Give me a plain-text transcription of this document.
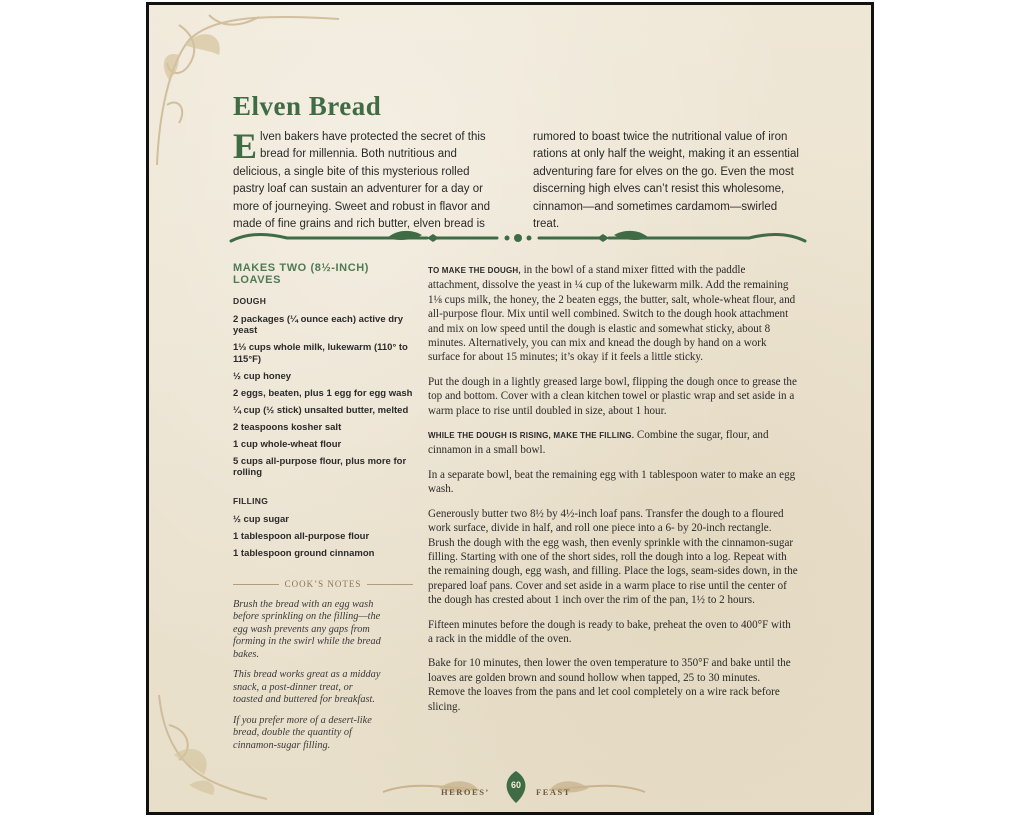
Elven Bread
Elven bakers have protected the secret of this bread for millennia. Both nutritious and delicious, a single bite of this mysterious rolled pastry loaf can sustain an adventurer for a day or more of journeying. Sweet and robust in flavor and made of fine grains and rich butter, elven bread is rumored to boast twice the nutritional value of iron rations at only half the weight, making it an essential adventuring fare for elves on the go. Even the most discerning high elves can’t resist this wholesome, cinnamon—and sometimes cardamom—swirled treat.
MAKES TWO (8½-INCH) LOAVES
DOUGH
2 packages (¼ ounce each) active dry yeast
1⅓ cups whole milk, lukewarm (110° to 115°F)
½ cup honey
2 eggs, beaten, plus 1 egg for egg wash
¼ cup (½ stick) unsalted butter, melted
2 teaspoons kosher salt
1 cup whole-wheat flour
5 cups all-purpose flour, plus more for rolling
FILLING
½ cup sugar
1 tablespoon all-purpose flour
1 tablespoon ground cinnamon
COOK’S NOTES

Brush the bread with an egg wash before sprinkling on the filling—the egg wash prevents any gaps from forming in the swirl while the bread bakes.

This bread works great as a midday snack, a post-dinner treat, or toasted and buttered for breakfast.

If you prefer more of a desert-like bread, double the quantity of cinnamon-sugar filling.

TO MAKE THE DOUGH, in the bowl of a stand mixer fitted with the paddle attachment, dissolve the yeast in ¼ cup of the lukewarm milk. Add the remaining 1⅛ cups milk, the honey, the 2 beaten eggs, the butter, salt, whole-wheat flour, and all-purpose flour. Mix until well combined. Switch to the dough hook attachment and mix on low speed until the dough is elastic and somewhat sticky, about 8 minutes. Alternatively, you can mix and knead the dough by hand on a work surface for about 15 minutes; it’s okay if it feels a little sticky.

Put the dough in a lightly greased large bowl, flipping the dough once to grease the top and bottom. Cover with a clean kitchen towel or plastic wrap and set aside in a warm place to rise until doubled in size, about 1 hour.

WHILE THE DOUGH IS RISING, MAKE THE FILLING. Combine the sugar, flour, and cinnamon in a small bowl.

In a separate bowl, beat the remaining egg with 1 tablespoon water to make an egg wash.

Generously butter two 8½ by 4½-inch loaf pans. Transfer the dough to a floured work surface, divide in half, and roll one piece into a 6- by 20-inch rectangle. Brush the dough with the egg wash, then evenly sprinkle with the cinnamon-sugar filling. Starting with one of the short sides, roll the dough into a log. Repeat with the remaining dough, egg wash, and filling. Place the logs, seam-sides down, in the prepared loaf pans. Cover and set aside in a warm place to rise until the center of the dough has crested about 1 inch over the rim of the pan, 1½ to 2 hours.

Fifteen minutes before the dough is ready to bake, preheat the oven to 400°F with a rack in the middle of the oven.

Bake for 10 minutes, then lower the oven temperature to 350°F and bake until the loaves are golden brown and sound hollow when tapped, 25 to 30 minutes. Remove the loaves from the pans and let cool completely on a wire rack before slicing.

60
HEROES’	FEAST
